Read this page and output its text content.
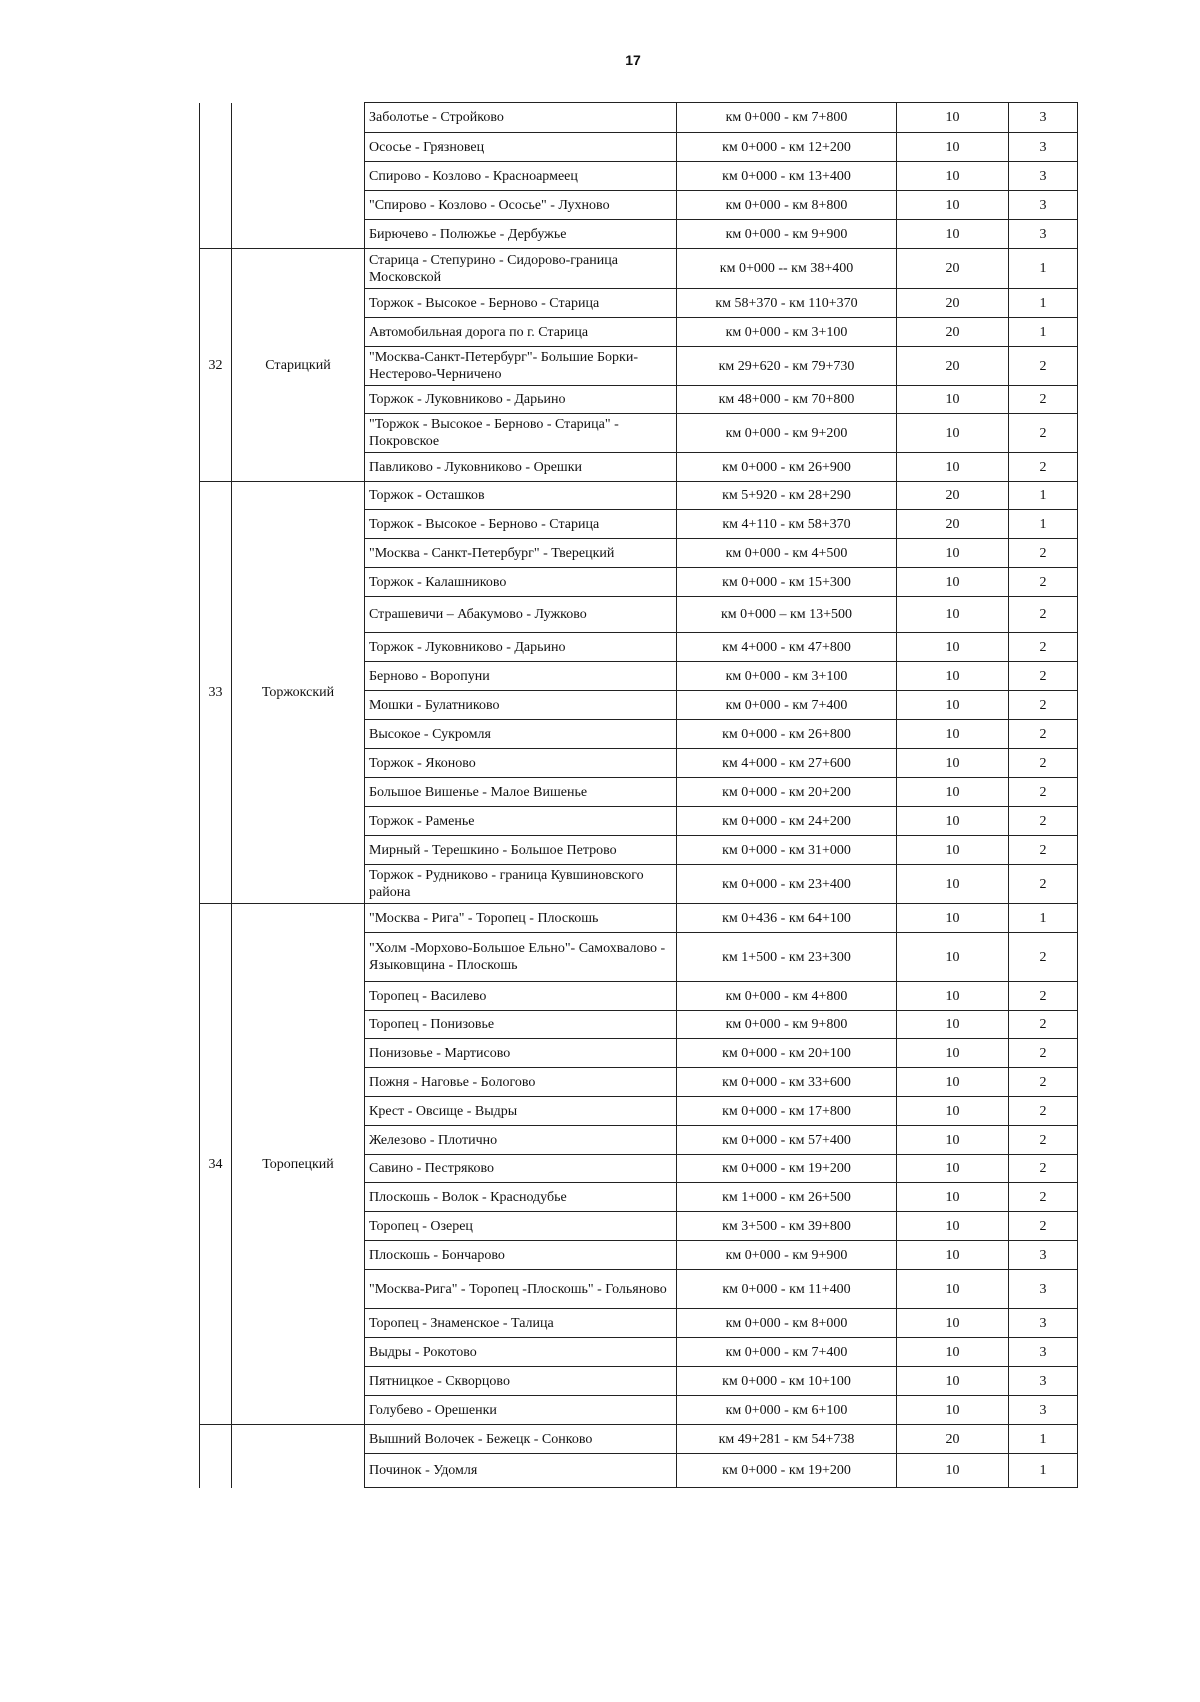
17
		Заболотье - Стройково	км 0+000 - км 7+800	10	3
		Ососье - Грязновец	км 0+000 - км 12+200	10	3
		Спирово - Козлово - Красноармеец	км 0+000 - км 13+400	10	3
		"Спирово - Козлово - Ососье" - Лухново	км 0+000 - км 8+800	10	3
		Бирючево - Полюжье - Дербужье	км 0+000 - км 9+900	10	3
32	Старицкий	Старица - Степурино - Сидорово-граница Московской	км 0+000 -- км 38+400	20	1
		Торжок - Высокое - Берново - Старица	км 58+370 - км 110+370	20	1
		Автомобильная дорога по г. Старица	км 0+000 - км 3+100	20	1
		"Москва-Санкт-Петербург"- Большие Борки-Нестерово-Черничено	км 29+620 - км 79+730	20	2
		Торжок - Луковниково - Дарьино	км 48+000 - км 70+800	10	2
		"Торжок - Высокое - Берново - Старица" - Покровское	км 0+000 - км 9+200	10	2
		Павликово - Луковниково - Орешки	км 0+000 - км 26+900	10	2
33	Торжокский	Торжок - Осташков	км 5+920 - км 28+290	20	1
		Торжок - Высокое - Берново - Старица	км 4+110 - км 58+370	20	1
		"Москва - Санкт-Петербург" - Тверецкий	км 0+000 - км 4+500	10	2
		Торжок - Калашниково	км 0+000 - км 15+300	10	2
		Страшевичи – Абакумово - Лужково	км 0+000 – км 13+500	10	2
		Торжок - Луковниково - Дарьино	км 4+000 - км 47+800	10	2
		Берново - Воропуни	км 0+000 - км 3+100	10	2
		Мошки - Булатниково	км 0+000 - км 7+400	10	2
		Высокое - Сукромля	км 0+000 - км 26+800	10	2
		Торжок - Яконово	км 4+000 - км 27+600	10	2
		Большое Вишенье - Малое Вишенье	км 0+000 - км 20+200	10	2
		Торжок - Раменье	км 0+000 - км 24+200	10	2
		Мирный - Терешкино - Большое Петрово	км 0+000 - км 31+000	10	2
		Торжок - Рудниково - граница Кувшиновского района	км 0+000 - км 23+400	10	2
34	Торопецкий	"Москва - Рига" - Торопец - Плоскошь	км 0+436 - км 64+100	10	1
		"Холм -Морхово-Большое Ельно"- Самохвалово - Языковщина - Плоскошь	км 1+500 - км 23+300	10	2
		Торопец - Василево	км 0+000 - км 4+800	10	2
		Торопец - Понизовье	км 0+000 - км 9+800	10	2
		Понизовье - Мартисово	км 0+000 - км 20+100	10	2
		Пожня - Наговье - Бологово	км 0+000 - км 33+600	10	2
		Крест - Овсище - Выдры	км 0+000 - км 17+800	10	2
		Железово - Плотично	км 0+000 - км 57+400	10	2
		Савино - Пестряково	км 0+000 - км 19+200	10	2
		Плоскошь - Волок - Краснодубье	км 1+000 - км 26+500	10	2
		Торопец - Озерец	км 3+500 - км 39+800	10	2
		Плоскошь - Бончарово	км 0+000 - км 9+900	10	3
		"Москва-Рига" - Торопец -Плоскошь" - Гольяново	км 0+000 - км 11+400	10	3
		Торопец - Знаменское - Талица	км 0+000 - км 8+000	10	3
		Выдры - Рокотово	км 0+000 - км 7+400	10	3
		Пятницкое - Скворцово	км 0+000 - км 10+100	10	3
		Голубево - Орешенки	км 0+000 - км 6+100	10	3
		Вышний Волочек - Бежецк - Сонково	км 49+281 - км 54+738	20	1
		Починок - Удомля	км 0+000 - км 19+200	10	1
